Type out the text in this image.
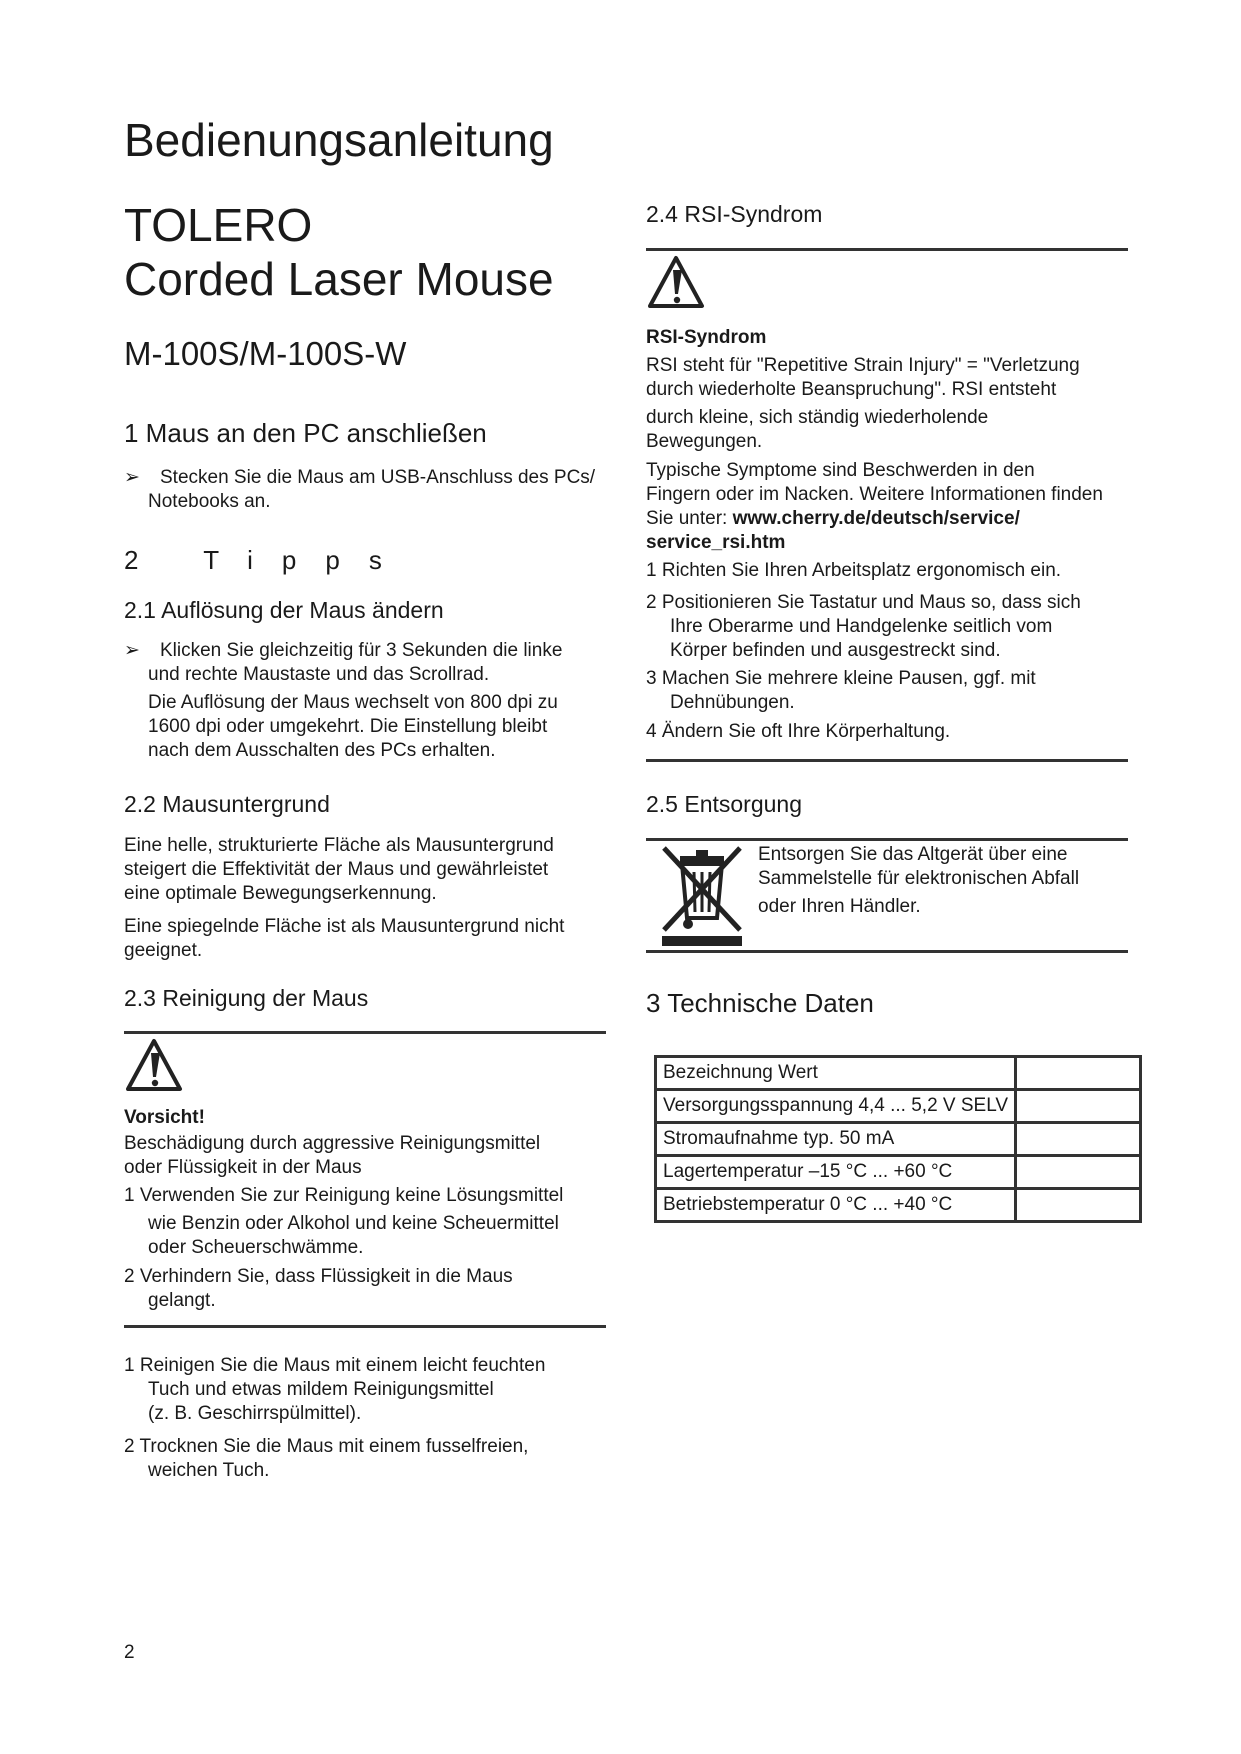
Bedienungsanleitung
TOLERO
Corded Laser Mouse
M-100S/M-100S-W
1 Maus an den PC anschließen
➢ Stecken Sie die Maus am USB-Anschluss des PCs/
Notebooks an.
2 Tipps
2.1 Auflösung der Maus ändern
➢ Klicken Sie gleichzeitig für 3 Sekunden die linke
und rechte Maustaste und das Scrollrad.
Die Auflösung der Maus wechselt von 800 dpi zu
1600 dpi oder umgekehrt. Die Einstellung bleibt
nach dem Ausschalten des PCs erhalten.
2.2 Mausuntergrund
Eine helle, strukturierte Fläche als Mausuntergrund
steigert die Effektivität der Maus und gewährleistet
eine optimale Bewegungserkennung.
Eine spiegelnde Fläche ist als Mausuntergrund nicht
geeignet.
2.3 Reinigung der Maus
Vorsicht!
Beschädigung durch aggressive Reinigungsmittel
oder Flüssigkeit in der Maus
1 Verwenden Sie zur Reinigung keine Lösungsmittel
wie Benzin oder Alkohol und keine Scheuermittel
oder Scheuerschwämme.
2 Verhindern Sie, dass Flüssigkeit in die Maus
gelangt.
1 Reinigen Sie die Maus mit einem leicht feuchten
Tuch und etwas mildem Reinigungsmittel
(z. B. Geschirrspülmittel).
2 Trocknen Sie die Maus mit einem fusselfreien,
weichen Tuch.
2.4 RSI-Syndrom
RSI-Syndrom
RSI steht für "Repetitive Strain Injury" = "Verletzung
durch wiederholte Beanspruchung". RSI entsteht
durch kleine, sich ständig wiederholende
Bewegungen.
Typische Symptome sind Beschwerden in den
Fingern oder im Nacken. Weitere Informationen finden
Sie unter: www.cherry.de/deutsch/service/
service_rsi.htm
1 Richten Sie Ihren Arbeitsplatz ergonomisch ein.
2 Positionieren Sie Tastatur und Maus so, dass sich
Ihre Oberarme und Handgelenke seitlich vom
Körper befinden und ausgestreckt sind.
3 Machen Sie mehrere kleine Pausen, ggf. mit
Dehnübungen.
4 Ändern Sie oft Ihre Körperhaltung.
2.5 Entsorgung
Entsorgen Sie das Altgerät über eine
Sammelstelle für elektronischen Abfall
oder Ihren Händler.
3 Technische Daten
Bezeichnung Wert	
Versorgungsspannung 4,4 ... 5,2 V SELV	
Stromaufnahme typ. 50 mA	
Lagertemperatur –15 °C ... +60 °C	
Betriebstemperatur 0 °C ... +40 °C	
2
